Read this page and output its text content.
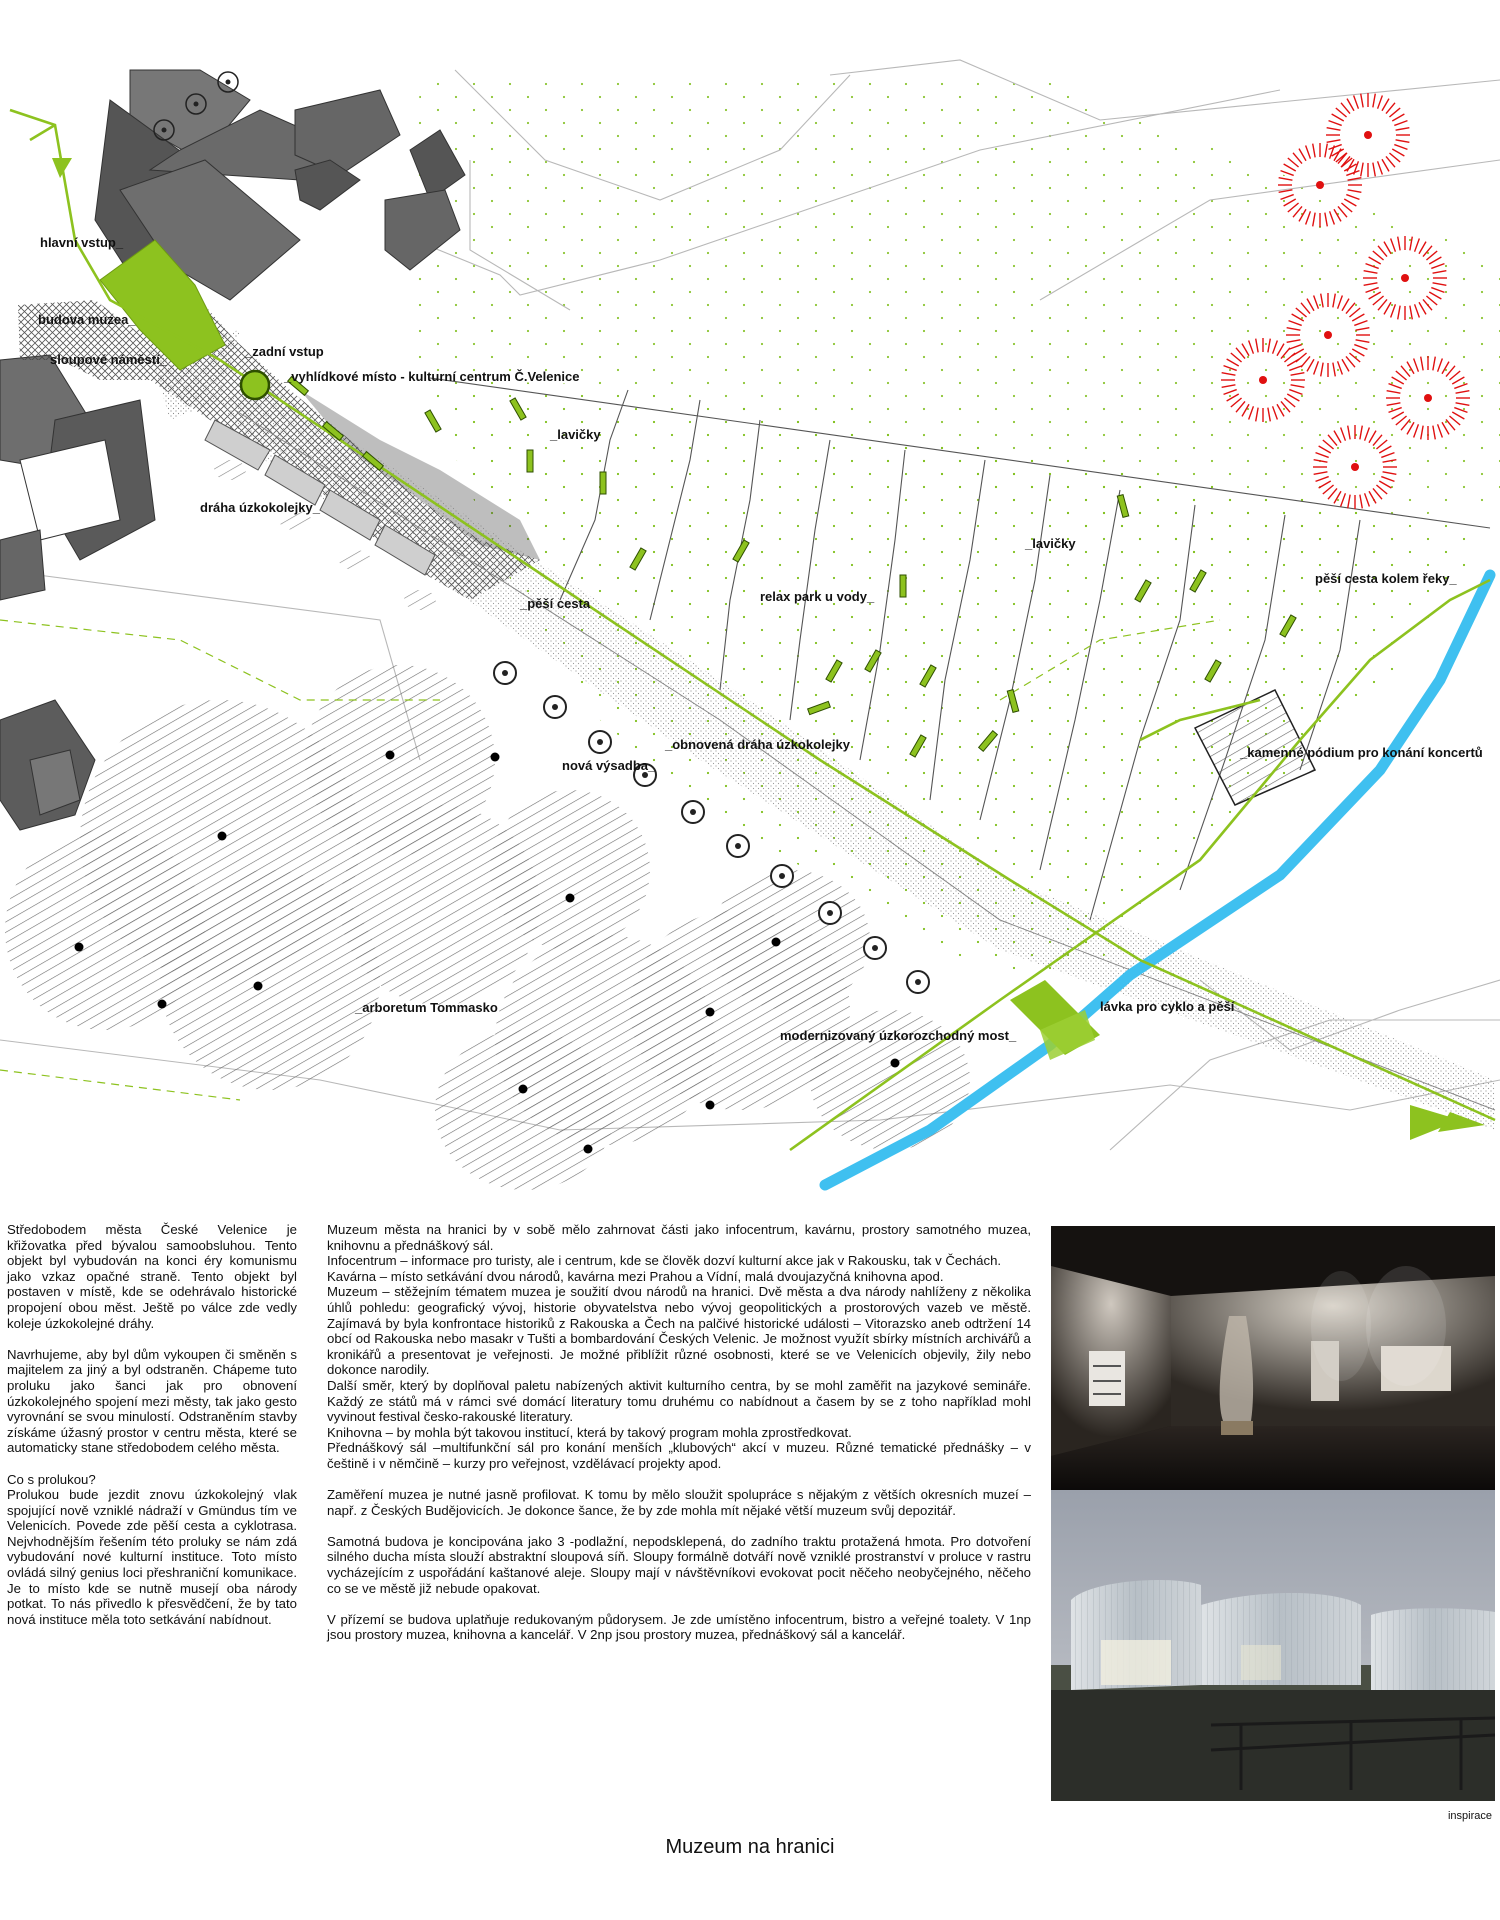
hlavní vstup_
budova muzea_
sloupové náměstí_
_zadní vstup
_vyhlídkové místo - kulturní centrum Č.Velenice
_lavičky
dráha úzkokolejky_
_pěší cesta	relax park u vody_
_lavičky
pěší cesta kolem řeky_
_kamenné pódium pro konání koncertů
_obnovená dráha úzkokolejky
nová výsadba_
_arboretum Tommasko
modernizovaný úzkorozchodný most_
lávka pro cyklo a pěší

Středobodem města České Velenice je křižovatka před bývalou samoobsluhou. Tento objekt byl vybudován na konci éry komunismu jako vzkaz opačné straně. Tento objekt byl postaven v místě, kde se odehrávalo historické propojení obou měst. Ještě po válce zde vedly koleje úzkokolejné dráhy.

Navrhujeme, aby byl dům vykoupen či směněn s majitelem za jiný a byl odstraněn. Chápeme tuto proluku jako šanci jak pro obnovení úzkokolejného spojení mezi městy, tak jako gesto vyrovnání se svou minulostí. Odstraněním stavby získáme úžasný prostor v centru města, které se automaticky stane středobodem celého města.

Co s prolukou?
Prolukou bude jezdit znovu úzkokolejný vlak spojující nově vzniklé nádraží v Gmündus tím ve Velenicích. Povede zde pěší cesta a cyklotrasa. Nejvhodnějším řešením této proluky se nám zdá vybudování nové kulturní instituce. Toto místo ovládá silný genius loci přeshraniční komunikace. Je to místo kde se nutně musejí oba národy potkat. To nás přivedlo k přesvědčení, že by tato nová instituce měla toto setkávání nabídnout.

Muzeum města na hranici by v sobě mělo zahrnovat části jako infocentrum, kavárnu, prostory samotného muzea, knihovnu a přednáškový sál.
Infocentrum – informace pro turisty, ale i centrum, kde se člověk dozví kulturní akce jak v Rakousku, tak v Čechách.
Kavárna – místo setkávání dvou národů, kavárna mezi Prahou a Vídní, malá dvoujazyčná knihovna apod.
Muzeum – stěžejním tématem muzea je soužití dvou národů na hranici. Dvě města a dva národy nahlíženy z několika úhlů pohledu: geografický vývoj, historie obyvatelstva nebo vývoj geopolitických a prostorových vazeb ve městě. Zajímavá by byla konfrontace historiků z Rakouska a Čech na palčivé historické události – Vitorazsko aneb odtržení 14 obcí od Rakouska nebo masakr v Tušti a bombardování Českých Velenic. Je možnost využít sbírky místních archivářů a kronikářů a presentovat je veřejnosti. Je možné přiblížit různé osobnosti, které se ve Velenicích objevily, žily nebo dokonce narodily.
Další směr, který by doplňoval paletu nabízených aktivit kulturního centra, by se mohl zaměřit na jazykové semináře. Každý ze států má v rámci své domácí literatury tomu druhému co nabídnout a časem by se z toho například mohl vyvinout festival česko-rakouské literatury.
Knihovna – by mohla být takovou institucí, která by takový program mohla zprostředkovat.
Přednáškový sál –multifunkční sál pro konání menších „klubových“ akcí v muzeu. Různé tematické přednášky – v češtině i v němčině – kurzy pro veřejnost, vzdělávací projekty apod.

Zaměření muzea je nutné jasně profilovat. K tomu by mělo sloužit spolupráce s nějakým z větších okresních muzeí – např. z Českých Budějovicích. Je dokonce šance, že by zde mohla mít nějaké větší muzeum svůj depozitář.

Samotná budova je koncipována jako 3 -podlažní, nepodsklepená, do zadního traktu protažená hmota. Pro dotvoření silného ducha místa slouží abstraktní sloupová síň. Sloupy formálně dotváří nově vzniklé prostranství v proluce v rastru vycházejícím z uspořádání kaštanové aleje. Sloupy mají v návštěvníkovi evokovat pocit něčeho neobyčejného, něčeho co se ve městě již nebude opakovat.

V přízemí se budova uplatňuje redukovaným půdorysem. Je zde umístěno infocentrum, bistro a veřejné toalety. V 1np jsou prostory muzea, knihovna a kancelář. V 2np jsou prostory muzea, přednáškový sál a kancelář.

inspirace
Muzeum na hranici
